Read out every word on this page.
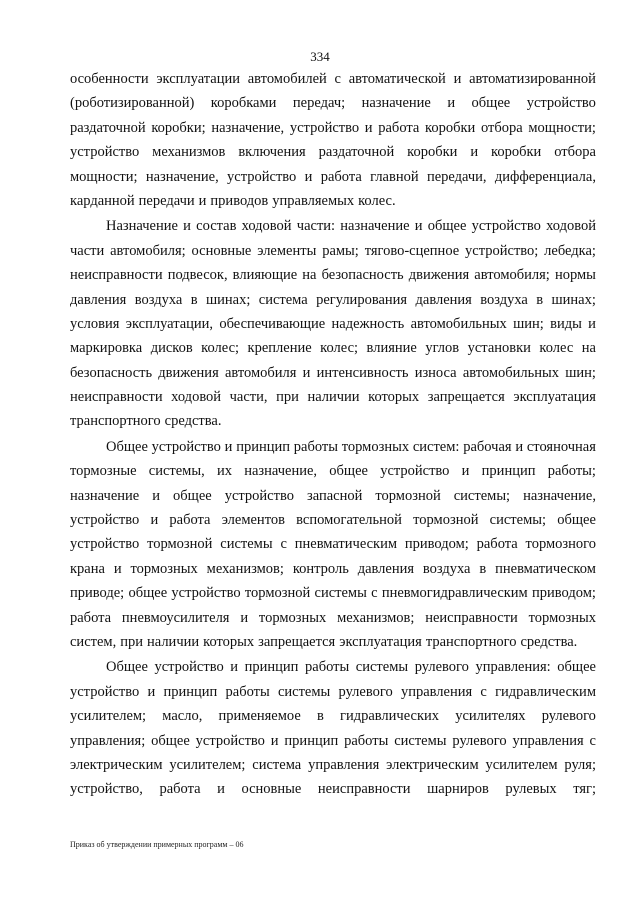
334
особенности эксплуатации автомобилей с автоматической и автоматизированной
(роботизированной) коробками передач; назначение и общее устройство
раздаточной коробки; назначение, устройство и работа коробки отбора мощности;
устройство механизмов включения раздаточной коробки и коробки отбора
мощности; назначение, устройство и работа главной передачи, дифференциала,
карданной передачи и приводов управляемых колес.
Назначение и состав ходовой части: назначение и общее устройство ходовой
части автомобиля; основные элементы рамы; тягово-сцепное устройство; лебедка;
неисправности подвесок, влияющие на безопасность движения автомобиля; нормы
давления воздуха в шинах; система регулирования давления воздуха в шинах;
условия эксплуатации, обеспечивающие надежность автомобильных шин; виды и
маркировка дисков колес; крепление колес; влияние углов установки колес на
безопасность движения автомобиля и интенсивность износа автомобильных шин;
неисправности ходовой части, при наличии которых запрещается эксплуатация
транспортного средства.
Общее устройство и принцип работы тормозных систем: рабочая и стояночная
тормозные системы, их назначение, общее устройство и принцип работы;
назначение и общее устройство запасной тормозной системы; назначение,
устройство и работа элементов вспомогательной тормозной системы; общее
устройство тормозной системы с пневматическим приводом; работа тормозного
крана и тормозных механизмов; контроль давления воздуха в пневматическом
приводе; общее устройство тормозной системы с пневмогидравлическим приводом;
работа пневмоусилителя и тормозных механизмов; неисправности тормозных
систем, при наличии которых запрещается эксплуатация транспортного средства.
Общее устройство и принцип работы системы рулевого управления: общее
устройство и принцип работы системы рулевого управления с гидравлическим
усилителем; масло, применяемое в гидравлических усилителях рулевого
управления; общее устройство и принцип работы системы рулевого управления с
электрическим усилителем; система управления электрическим усилителем руля;
устройство, работа и основные неисправности шарниров рулевых тяг;
Приказ об утверждении примерных программ – 06
